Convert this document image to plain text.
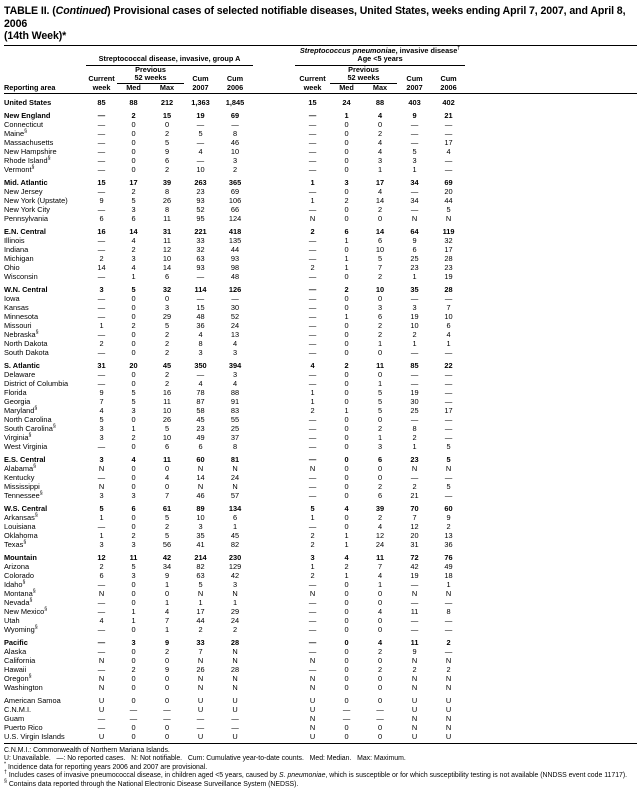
TABLE II. (Continued) Provisional cases of selected notifiable diseases, United States, weeks ending April 7, 2007, and April 8, 2006
(14th Week)*
	Streptococcal disease, invasive, group A						Streptococcus pneumoniae, invasive disease†
Age <5 years					
Reporting area	Current	Previous
52 weeks		Cum	Cum		Current	Previous
52 weeks		Cum	Cum	
	week	Med	Max	2007	2006		week	Med	Max	2007	2006	
United States	85	88	212	1,363	1,845		15	24	88	403	402	
New England	—	2	15	19	69		—	1	4	9	21	
Connecticut	—	0	0	—	—		—	0	0	—	—	
Maine§	—	0	2	5	8		—	0	2	—	—	
Massachusetts	—	0	5	—	46		—	0	4	—	17	
New Hampshire	—	0	9	4	10		—	0	4	5	4	
Rhode Island§	—	0	6	—	3		—	0	3	3	—	
Vermont§	—	0	2	10	2		—	0	1	1	—	
Mid. Atlantic	15	17	39	263	365		1	3	17	34	69	
New Jersey	—	2	8	23	69		—	0	4	—	20	
New York (Upstate)	9	5	26	93	106		1	2	14	34	44	
New York City	—	3	8	52	66		—	0	2	—	5	
Pennsylvania	6	6	11	95	124		N	0	0	N	N	
E.N. Central	16	14	31	221	418		2	6	14	64	119	
Illinois	—	4	11	33	135		—	1	6	9	32	
Indiana	—	2	12	32	44		—	0	10	6	17	
Michigan	2	3	10	63	93		—	1	5	25	28	
Ohio	14	4	14	93	98		2	1	7	23	23	
Wisconsin	—	1	6	—	48		—	0	2	1	19	
W.N. Central	3	5	32	114	126		—	2	10	35	28	
Iowa	—	0	0	—	—		—	0	0	—	—	
Kansas	—	0	3	15	30		—	0	3	3	7	
Minnesota	—	0	29	48	52		—	1	6	19	10	
Missouri	1	2	5	36	24		—	0	2	10	6	
Nebraska§	—	0	2	4	13		—	0	2	2	4	
North Dakota	2	0	2	8	4		—	0	1	1	1	
South Dakota	—	0	2	3	3		—	0	0	—	—	
S. Atlantic	31	20	45	350	394		4	2	11	85	22	
Delaware	—	0	2	—	3		—	0	0	—	—	
District of Columbia	—	0	2	4	4		—	0	1	—	—	
Florida	9	5	16	78	88		1	0	5	19	—	
Georgia	7	5	11	87	91		1	0	5	30	—	
Maryland§	4	3	10	58	83		2	1	5	25	17	
North Carolina	5	0	26	45	55		—	0	0	—	—	
South Carolina§	3	1	5	23	25		—	0	2	8	—	
Virginia§	3	2	10	49	37		—	0	1	2	—	
West Virginia	—	0	6	6	8		—	0	3	1	5	
E.S. Central	3	4	11	60	81		—	0	6	23	5	
Alabama§	N	0	0	N	N		N	0	0	N	N	
Kentucky	—	0	4	14	24		—	0	0	—	—	
Mississippi	N	0	0	N	N		—	0	2	2	5	
Tennessee§	3	3	7	46	57		—	0	6	21	—	
W.S. Central	5	6	61	89	134		5	4	39	70	60	
Arkansas§	1	0	5	10	6		1	0	2	7	9	
Louisiana	—	0	2	3	1		—	0	4	12	2	
Oklahoma	1	2	5	35	45		2	1	12	20	13	
Texas§	3	3	56	41	82		2	1	24	31	36	
Mountain	12	11	42	214	230		3	4	11	72	76	
Arizona	2	5	34	82	129		1	2	7	42	49	
Colorado	6	3	9	63	42		2	1	4	19	18	
Idaho§	—	0	1	5	3		—	0	1	—	1	
Montana§	N	0	0	N	N		N	0	0	N	N	
Nevada§	—	0	1	1	1		—	0	0	—	—	
New Mexico§	—	1	4	17	29		—	0	4	11	8	
Utah	4	1	7	44	24		—	0	0	—	—	
Wyoming§	—	0	1	2	2		—	0	0	—	—	
Pacific	—	3	9	33	28		—	0	4	11	2	
Alaska	—	0	2	7	N		—	0	2	9	—	
California	N	0	0	N	N		N	0	0	N	N	
Hawaii	—	2	9	26	28		—	0	2	2	2	
Oregon§	N	0	0	N	N		N	0	0	N	N	
Washington	N	0	0	N	N		N	0	0	N	N	
American Samoa	U	0	0	U	U		U	0	0	U	U	
C.N.M.I.	U	—	—	U	U		U	—	—	U	U	
Guam	—	—	—	—	—		N	—	—	N	N	
Puerto Rico	—	0	0	—	—		N	0	0	N	N	
U.S. Virgin Islands	U	0	0	U	U		U	0	0	U	U	
C.N.M.I.: Commonwealth of Northern Mariana Islands.
U: Unavailable.   —: No reported cases.   N: Not notifiable.   Cum: Cumulative year-to-date counts.   Med: Median.   Max: Maximum.
* Incidence data for reporting years 2006 and 2007 are provisional.
† Includes cases of invasive pneumococcal disease, in children aged <5 years, caused by S. pneumoniae, which is susceptible or for which susceptibility testing is not available (NNDSS event code 11717).
§ Contains data reported through the National Electronic Disease Surveillance System (NEDSS).
